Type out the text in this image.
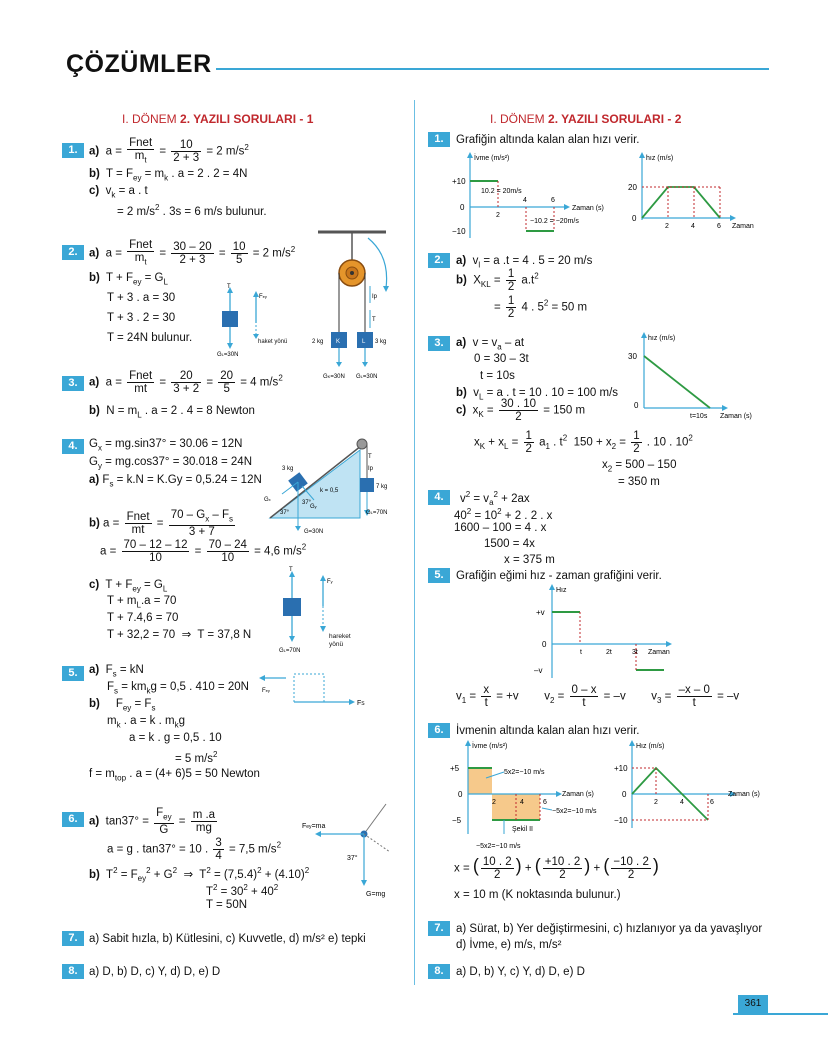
ÇÖZÜMLER
I. DÖNEM 2. YAZILI SORULARI - 1	I. DÖNEM 2. YAZILI SORULARI - 2
1. a)  $a = \frac{\text{Fnet}}{m_t} = \frac{10}{2 + 3} = 2$ $m/s^2$
b)  $T = F_{ey} = m_k$ . a = 2 . 2 = 4N
c)  $v_k = a$ . t
= 2 $m/s^2$ . 3s = 6 m/s bulunur.
2. a)  $a = \frac{\text{Fnet}}{m_t} = \frac{30 - 20}{2 + 3} = \frac{10}{5} = 2$ $m/s^2$
b)  $T + F_{ey} = G_L$
T + 3 . a = 30
T + 3 . 2 = 30
T = 24N bulunur.
T
GL=30N
Fey
haket yönü	2 kg	3 kg
K	L
GK=30N GL=30N
Ip
T
3. a)  $a = \frac{\text{Fnet}}{mt} = \frac{20}{3 + 2} = \frac{20}{5} = 4$ $m/s^2$
b)  $N = m_L$ . a = 2 . 4 = 8 Newton
4. $G_x = mg.\sin 37^\circ = 30.06 = 12N$
$G_y = mg.\cos 37^\circ = 30.018 = 24N$
a) $F_s = k.N = K.Gy = 0,5.24 = 12N$
b) $a = \frac{\text{Fnet}}{mt} = \frac{70 - G_x - F_s}{3 + 7}$
$a = \frac{70 - 12 - 12}{10} = \frac{70 - 24}{10} = 4,6$ $m/s^2$
7 kg
T
Ip
3 kg
k = 0,5
Gx
Gy
G=30N
37°
37°
GL=70N
c)  $T + F_{ey} = G_L$
$T + m_L.a = 70$
T + 7.4,6 = 70
T + 32,2 = 70  ⇒  T = 37,8 N
T
GL=70N
Fy
hareket yönü
5. a)  $F_s$ = kN
$F_s = km_kg = 0,5$ . 410 = 20N
b)     $F_{ey} = F_s$
$m_k$ . a = k . $m_kg$
a = k . g = 0,5 . 10
= 5 $m/s^2$
$f = m_{top}$ . a = (4+ 6)5 = 50 Newton
Fey
FS
6. a)  $\tan 37^\circ = \frac{F_{ey}}{G} = \frac{m .a}{mg}$
a = g . tan37° = 10 . $\frac{3}{4} = 7,5$ $m/s^2$
b)  $T^2 = F_{ey}^2 + G^2$  ⇒  $T^2 = (7,5.4)^2 + (4.10)^2$
$T^2 = 30^2 + 40^2$
T = 50N
Fey=ma
G=mg
37°
7. a) Sabit hızla, b) Kütlesini, c) Kuvvetle, d) m/s² e) tepki
8. a) D, b) D, c) Y, d) D, e) D
1.	Grafiğin altında kalan alan hızı verir.
+10
0
−10
2
4	6
10.2 = 20m/s
−10.2 = −20m/s
İvme (m/s²)
Zaman (s)
20
0
2	4	6
hız (m/s)
Zaman
2.	a)  $v_l = a$ .t = 4 . 5 = 20 m/s
b)  $X_{KL} = \frac{1}{2} a.t^2$
= $\frac{1}{2} 4$ . $5^2 = 50$ m
3.	a)  $v = v_a$ – at
0 = 30 – 3t
t = 10s
b)  $v_L = a$ . t = 10 . 10 = 100 m/s
c)  $x_K = \frac{30 . 10}{2} = 150$ m
$x_K + x_L = \frac{1}{2} a_1$ . $t^2$  $150 + x_2 = \frac{1}{2}$ . 10 . $10^2$
$x_2 = 500 - 150$
= 350 m
30
0
hız (m/s)
t=10s Zaman (s)
4.	$v^2 = v_a^2 + 2ax$
$40^2 = 10^2 + 2$ . 2 . x
1600 – 100 = 4 . x
1500 = 4x
x = 375 m
5.	Grafiğin eğimi hız - zaman grafiğini verir.
+v
0
–v
t	2t	3t
Hız
Zaman
$v_1 = \frac{x}{t} = +v$        $v_2 = \frac{0 - x}{t} = -v$        $v_3 = \frac{-x - 0}{t} = -v$
6.	İvmenin altında kalan alan hızı verir.
+5
0
−5
2	4	6
5x2=−10 m/s
−5x2=−10 m/s
−5x2=−10 m/s
İvme (m/s²)
Zaman (s)
Şekil II
+10
0
−10
2	4	6
Hız (m/s)
Zaman (s)
x = ( $\frac{10 . 2}{2}$ ) + ( $\frac{+10 . 2}{2}$ ) + ( $\frac{-10 . 2}{2}$ )
x = 10 m (K noktasında bulunur.)
7.	a) Sürat, b) Yer değiştirmesini, c) hızlanıyor ya da yavaşlıyor
d) İvme, e) m/s, m/s²
8.	a) D, b) Y, c) Y, d) D, e) D
361
